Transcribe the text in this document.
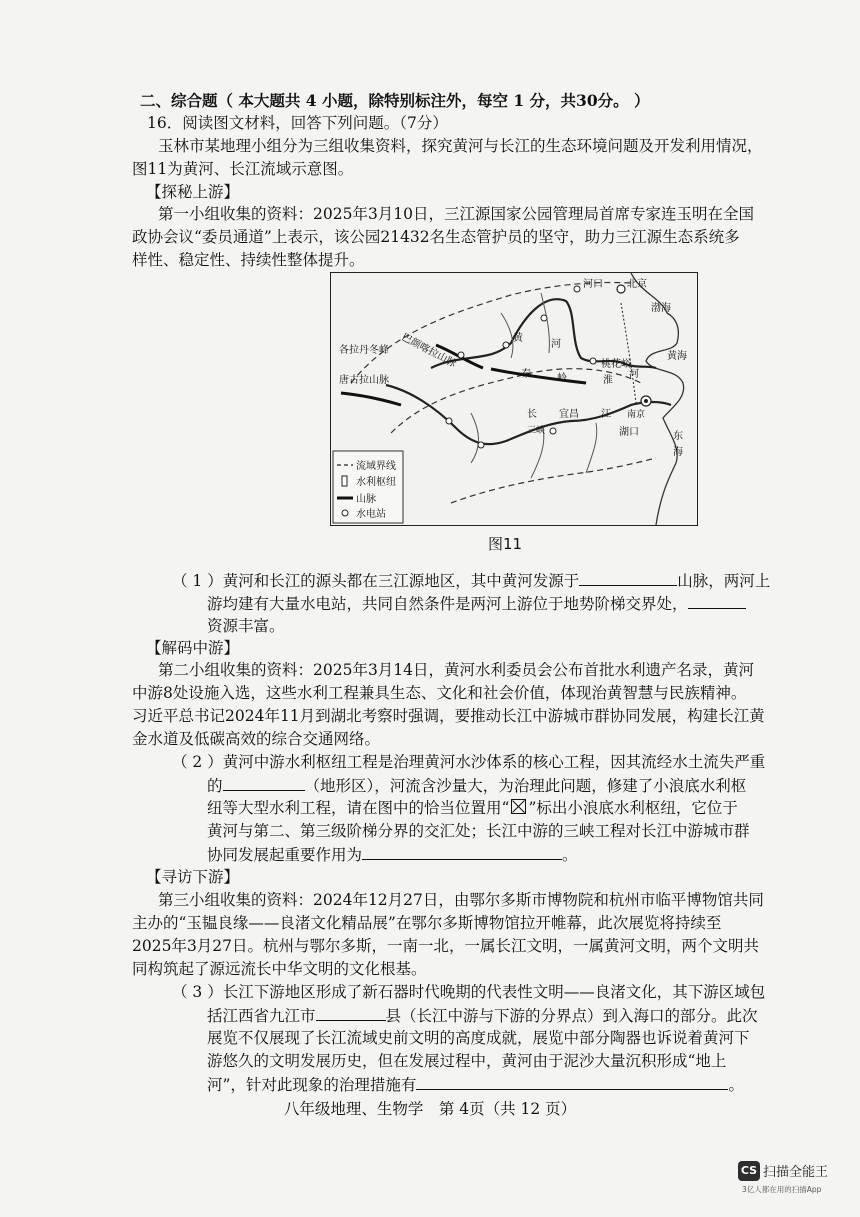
二、综合题（ 本大题共 4 小题，除特别标注外，每空 1 分，共30分。 ）
16．阅读图文材料，回答下列问题。（7分）
玉林市某地理小组分为三组收集资料，探究黄河与长江的生态环境问题及开发利用情况，
图11为黄河、长江流域示意图。
【探秘上游】
第一小组收集的资料：2025年3月10日，三江源国家公园管理局首席专家连玉明在全国
政协会议“委员通道”上表示，该公园21432名生态管护员的坚守，助力三江源生态系统多
样性、稳定性、持续性整体提升。
河口 北京
渤海
黄海
巴颜喀拉山脉
各拉丹冬峰
唐古拉山脉
黄
河
桃花峪
淮
河
秦	岭
长 宜昌 江 南京
湖口
三峡	东
海
流域界线
水利枢纽
山脉
水电站
图11
（ 1 ）黄河和长江的源头都在三江源地区，其中黄河发源于	山脉，两河上
游均建有大量水电站，共同自然条件是两河上游位于地势阶梯交界处，
资源丰富。
【解码中游】
第二小组收集的资料：2025年3月14日，黄河水利委员会公布首批水利遗产名录，黄河
中游8处设施入选，这些水利工程兼具生态、文化和社会价值，体现治黄智慧与民族精神。
习近平总书记2024年11月到湖北考察时强调，要推动长江中游城市群协同发展，构建长江黄
金水道及低碳高效的综合交通网络。
（ 2 ）黄河中游水利枢纽工程是治理黄河水沙体系的核心工程，因其流经水土流失严重
的	（地形区），河流含沙量大，为治理此问题，修建了小浪底水利枢
纽等大型水利工程，请在图中的恰当位置用“ ”标出小浪底水利枢纽，它位于
黄河与第二、第三级阶梯分界的交汇处；长江中游的三峡工程对长江中游城市群
协同发展起重要作用为	。
【寻访下游】
第三小组收集的资料：2024年12月27日，由鄂尔多斯市博物院和杭州市临平博物馆共同
主办的“玉韫良缘——良渚文化精品展”在鄂尔多斯博物馆拉开帷幕，此次展览将持续至
2025年3月27日。杭州与鄂尔多斯，一南一北，一属长江文明，一属黄河文明，两个文明共
同构筑起了源远流长中华文明的文化根基。
（ 3 ）长江下游地区形成了新石器时代晚期的代表性文明——良渚文化，其下游区域包
括江西省九江市	县（长江中游与下游的分界点）到入海口的部分。此次
展览不仅展现了长江流域史前文明的高度成就，展览中部分陶器也诉说着黄河下
游悠久的文明发展历史，但在发展过程中，黄河由于泥沙大量沉积形成“地上
河”，针对此现象的治理措施有	。
八年级地理、生物学　第 4页（共 12 页）
CS 扫描全能王
3亿人都在用的扫描App
